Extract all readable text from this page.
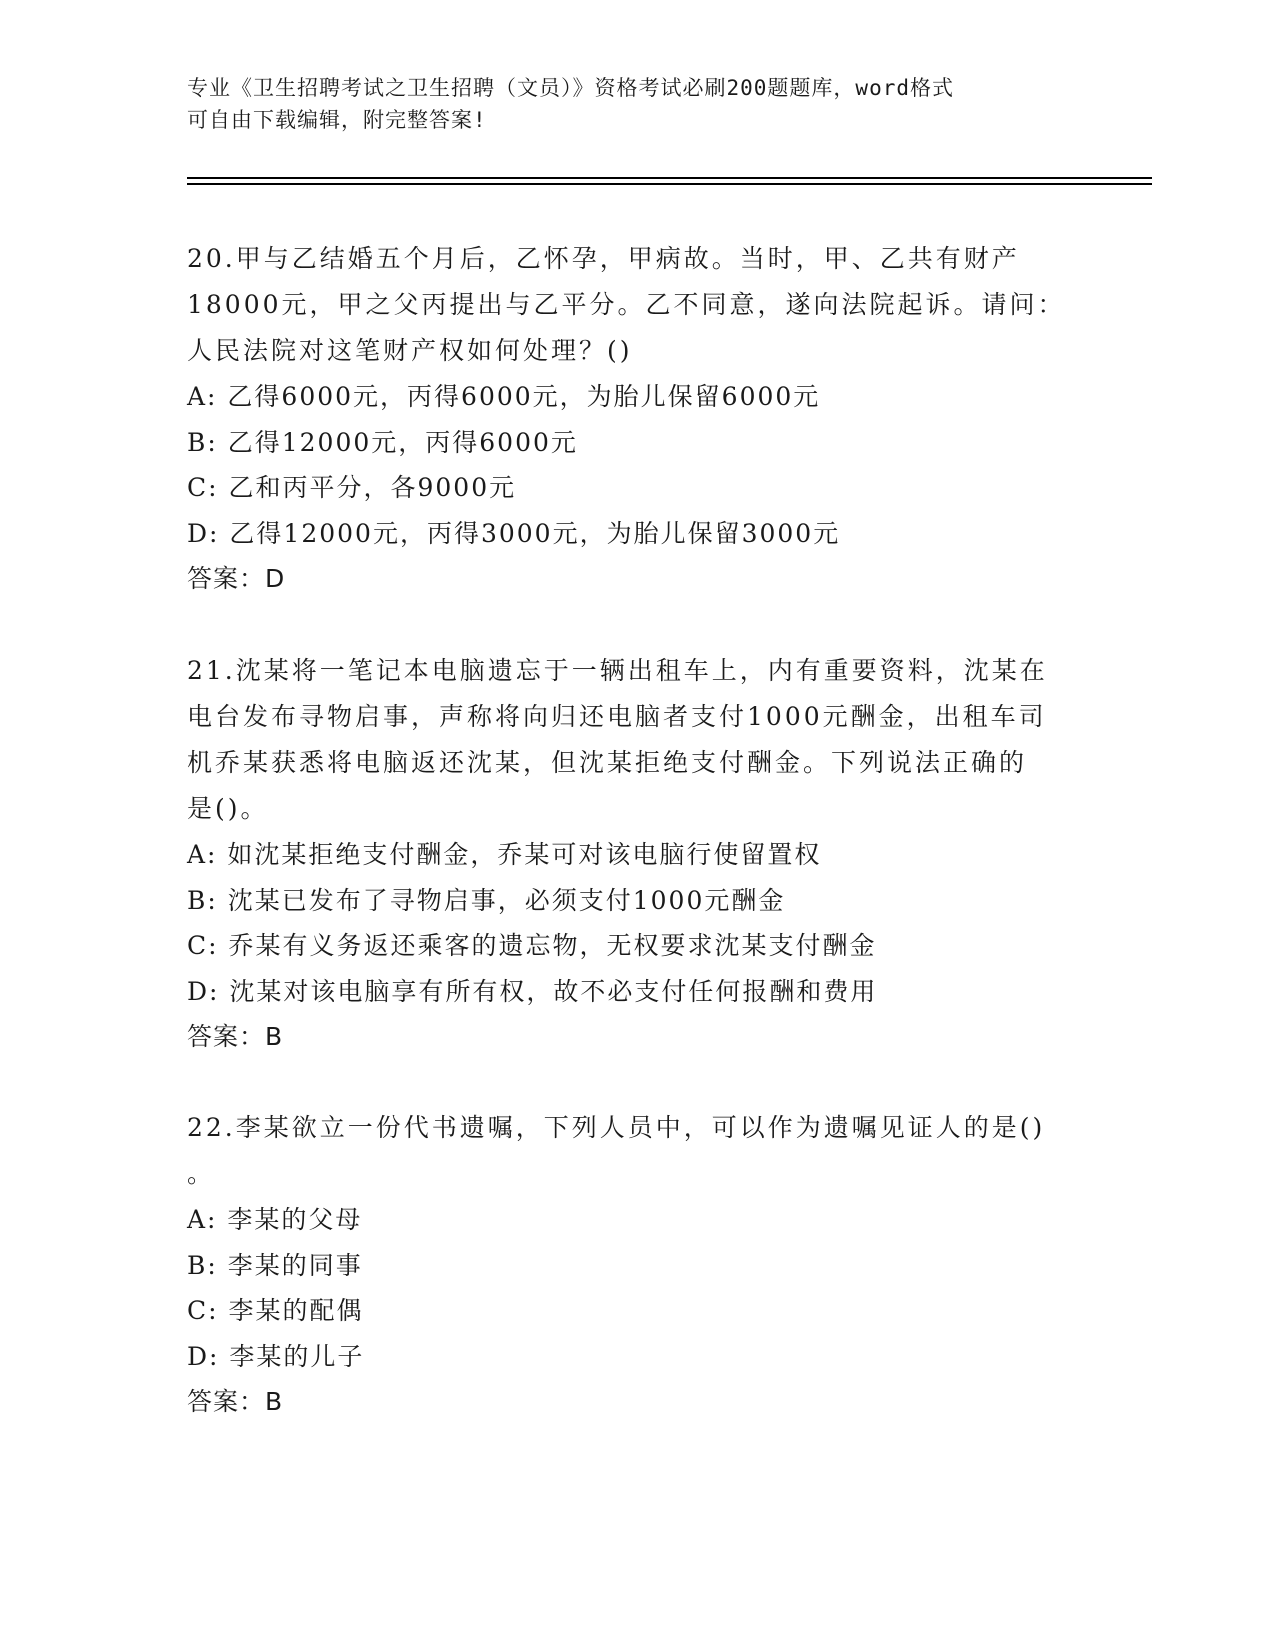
专业《卫生招聘考试之卫生招聘（文员）》资格考试必刷200题题库，word格式
可自由下载编辑，附完整答案!

20.甲与乙结婚五个月后，乙怀孕，甲病故。当时，甲、乙共有财产

18000元，甲之父丙提出与乙平分。乙不同意，遂向法院起诉。请问：

人民法院对这笔财产权如何处理？()

A: 乙得6000元，丙得6000元，为胎儿保留6000元

B: 乙得12000元，丙得6000元

C: 乙和丙平分，各9000元

D: 乙得12000元，丙得3000元，为胎儿保留3000元

答案：D

21.沈某将一笔记本电脑遗忘于一辆出租车上，内有重要资料，沈某在

电台发布寻物启事，声称将向归还电脑者支付1000元酬金，出租车司

机乔某获悉将电脑返还沈某，但沈某拒绝支付酬金。下列说法正确的

是()。

A: 如沈某拒绝支付酬金，乔某可对该电脑行使留置权

B: 沈某已发布了寻物启事，必须支付1000元酬金

C: 乔某有义务返还乘客的遗忘物，无权要求沈某支付酬金

D: 沈某对该电脑享有所有权，故不必支付任何报酬和费用

答案：B

22.李某欲立一份代书遗嘱，下列人员中，可以作为遗嘱见证人的是()

。

A: 李某的父母

B: 李某的同事

C: 李某的配偶

D: 李某的儿子

答案：B
